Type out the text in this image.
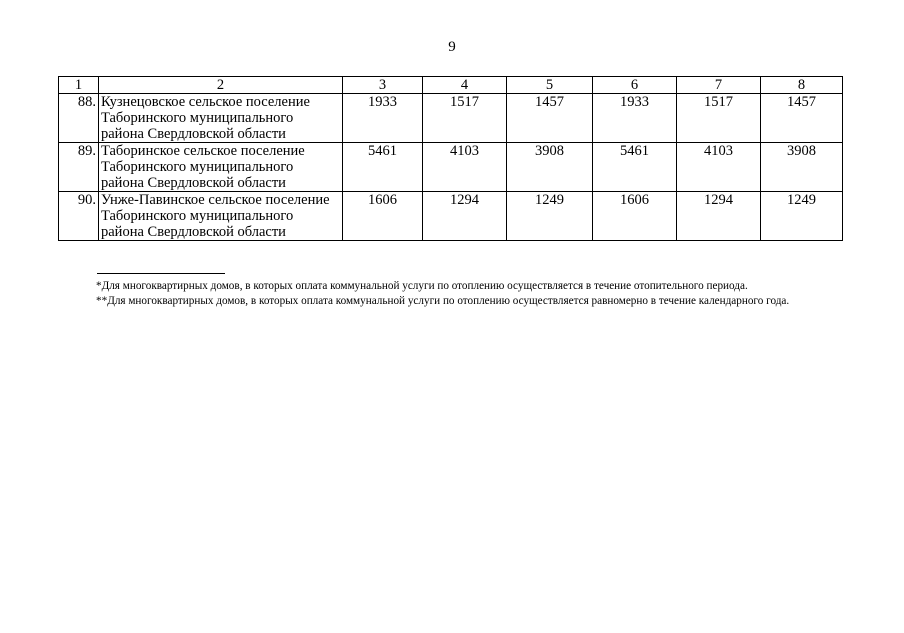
9
1	2	3	4	5	6	7	8
88.	Кузнецовское сельское поселение
Таборинского муниципального
района Свердловской области	1933	1517	1457	1933	1517	1457
89.	Таборинское сельское поселение
Таборинского муниципального
района Свердловской области	5461	4103	3908	5461	4103	3908
90.	Унже-Павинское сельское поселение
Таборинского муниципального
района Свердловской области	1606	1294	1249	1606	1294	1249

*Для многоквартирных домов, в которых оплата коммунальной услуги по отоплению осуществляется в течение отопительного периода.

**Для многоквартирных домов, в которых оплата коммунальной услуги по отоплению осуществляется равномерно в течение календарного года.
